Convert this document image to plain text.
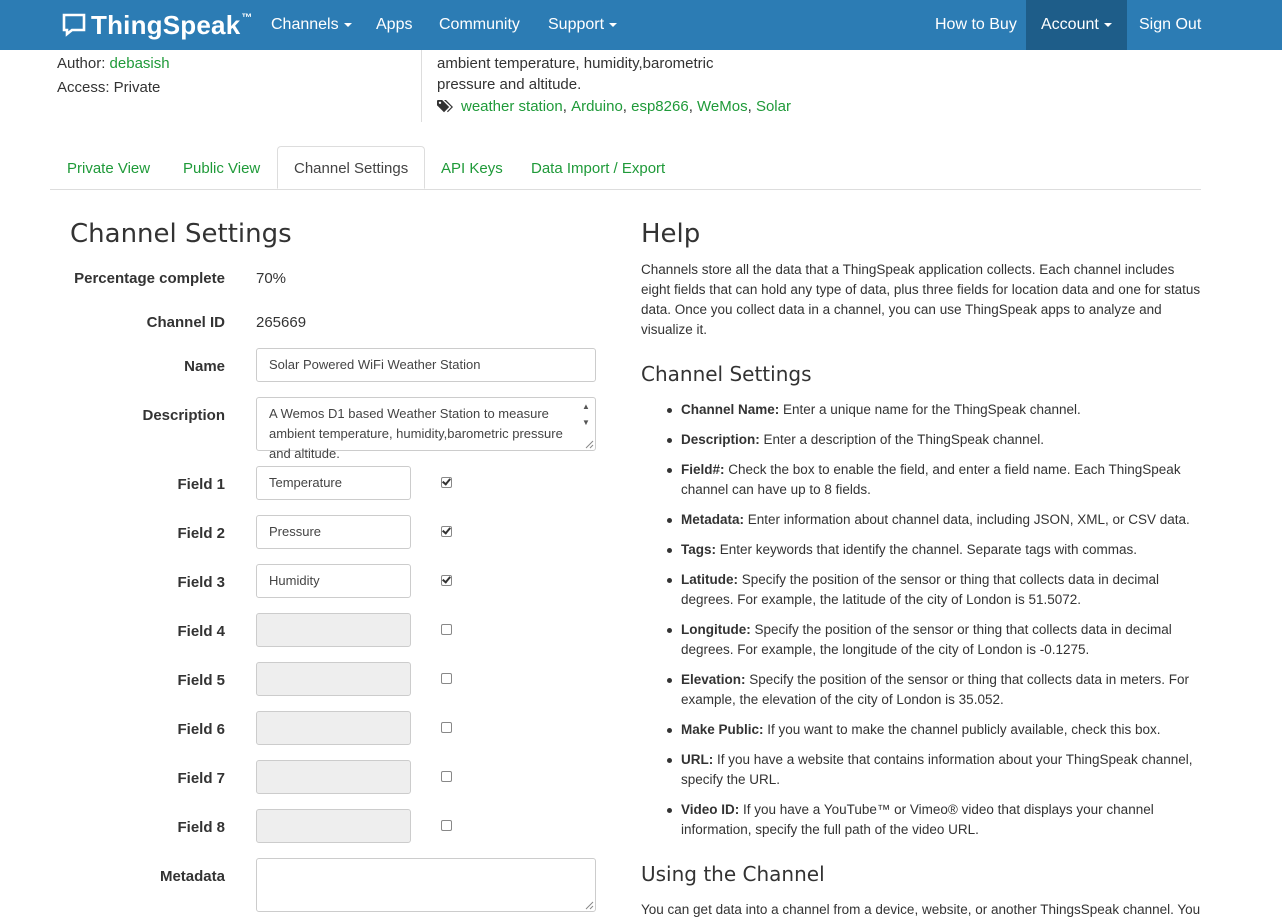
ThingSpeak ™ Channels	Apps Community Support	How to Buy	Account	Sign Out
Author: debasish
Access: Private
ambient temperature, humidity,barometric
pressure and altitude.
weather station , Arduino , esp8266 , WeMos , Solar
Private View	Public View	Channel Settings	API Keys	Data Import / Export
Channel Settings
Percentage complete 70%
Channel ID 265669
Name	Solar Powered WiFi Weather Station
Description	A Wemos D1 based Weather Station to measure ambient temperature, humidity,barometric pressure and altitude.
▲
▼
Field 1	Temperature
Field 2	Pressure
Field 3	Humidity
Field 4
Field 5
Field 6
Field 7
Field 8
Metadata
Help

Channels store all the data that a ThingSpeak application collects. Each channel includes eight fields that can hold any type of data, plus three fields for location data and one for status data. Once you collect data in a channel, you can use ThingSpeak apps to analyze and visualize it.

Channel Settings
Channel Name: Enter a unique name for the ThingSpeak channel.
Description: Enter a description of the ThingSpeak channel.
Field#: Check the box to enable the field, and enter a field name. Each ThingSpeak channel can have up to 8 fields.
Metadata: Enter information about channel data, including JSON, XML, or CSV data.
Tags: Enter keywords that identify the channel. Separate tags with commas.
Latitude: Specify the position of the sensor or thing that collects data in decimal degrees. For example, the latitude of the city of London is 51.5072.
Longitude: Specify the position of the sensor or thing that collects data in decimal degrees. For example, the longitude of the city of London is -0.1275.
Elevation: Specify the position of the sensor or thing that collects data in meters. For example, the elevation of the city of London is 35.052.
Make Public: If you want to make the channel publicly available, check this box.
URL: If you have a website that contains information about your ThingSpeak channel, specify the URL.
Video ID: If you have a YouTube™ or Vimeo® video that displays your channel information, specify the full path of the video URL.
Using the Channel

You can get data into a channel from a device, website, or another ThingsSpeak channel. You
